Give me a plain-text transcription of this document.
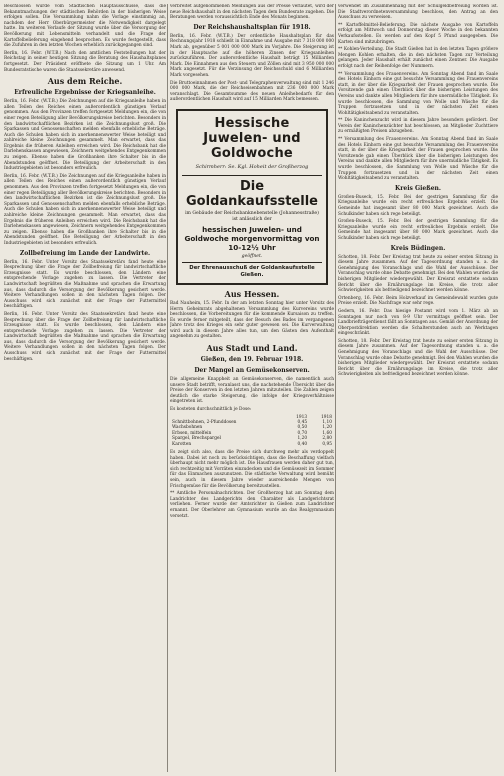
Beschlossen wurde vom Städtischen Hauptausschusse, dass die Bekanntmachungen der städtischen Behörden in der bisherigen Weise erfolgen sollen. Die Versammlung nahm die Vorlage einstimmig an, nachdem der Herr Oberbürgermeister die Notwendigkeit dargelegt hatte. Im weiteren Verlaufe der Sitzung wurde über die Versorgung der Bevölkerung mit Lebensmitteln verhandelt und die Frage der Kartoffelbelieferung eingehend besprochen. Es wurde festgestellt, dass die Zufuhren in den letzten Wochen erheblich zurückgegangen sind.

Berlin, 16. Febr. (W.T.B.) Nach den amtlichen Feststellungen hat der Reichstag in seiner heutigen Sitzung die Beratung des Haushaltsplanes fortgesetzt. Der Präsident eröffnete die Sitzung um 1 Uhr. Am Bundesratstische waren die Staatssekretäre anwesend.

Aus dem Reiche.
Erfreuliche Ergebnisse der Kriegsanleihe.

Berlin, 16. Febr. (W.T.B.) Die Zeichnungen auf die Kriegsanleihe haben in allen Teilen des Reiches einen außerordentlich günstigen Verlauf genommen. Aus den Provinzen treffen fortgesetzt Meldungen ein, die von einer regen Beteiligung aller Bevölkerungskreise berichten. Besonders in den landwirtschaftlichen Bezirken ist die Zeichnungslust groß. Die Sparkassen und Genossenschaften melden ebenfalls erhebliche Beträge. Auch die Schulen haben sich in anerkennenswerter Weise beteiligt und zahlreiche kleine Zeichnungen gesammelt. Man erwartet, dass das Ergebnis die früheren Anleihen erreichen wird. Die Reichsbank hat die Darlehenskassen angewiesen, Zeichnern weitgehendes Entgegenkommen zu zeigen. Ebenso haben die Großbanken ihre Schalter bis in die Abendstunden geöffnet. Die Beteiligung der Arbeiterschaft in den Industriegebieten ist besonders erfreulich.

Berlin, 16. Febr. (W.T.B.) Die Zeichnungen auf die Kriegsanleihe haben in allen Teilen des Reiches einen außerordentlich günstigen Verlauf genommen. Aus den Provinzen treffen fortgesetzt Meldungen ein, die von einer regen Beteiligung aller Bevölkerungskreise berichten. Besonders in den landwirtschaftlichen Bezirken ist die Zeichnungslust groß. Die Sparkassen und Genossenschaften melden ebenfalls erhebliche Beträge. Auch die Schulen haben sich in anerkennenswerter Weise beteiligt und zahlreiche kleine Zeichnungen gesammelt. Man erwartet, dass das Ergebnis die früheren Anleihen erreichen wird. Die Reichsbank hat die Darlehenskassen angewiesen, Zeichnern weitgehendes Entgegenkommen zu zeigen. Ebenso haben die Großbanken ihre Schalter bis in die Abendstunden geöffnet. Die Beteiligung der Arbeiterschaft in den Industriegebieten ist besonders erfreulich.

Zollbefreiung im Lande der Landwirte.

Berlin, 16. Febr. Unter Vorsitz des Staatssekretärs fand heute eine Besprechung über die Frage der Zollbefreiung für landwirtschaftliche Erzeugnisse statt. Es wurde beschlossen, den Ländern eine entsprechende Vorlage zugehen zu lassen. Die Vertreter der Landwirtschaft begrüßten die Maßnahme und sprachen die Erwartung aus, dass dadurch die Versorgung der Bevölkerung gesichert werde. Weitere Verhandlungen sollen in den nächsten Tagen folgen. Der Ausschuss wird sich zunächst mit der Frage der Futtermittel beschäftigen.

Berlin, 16. Febr. Unter Vorsitz des Staatssekretärs fand heute eine Besprechung über die Frage der Zollbefreiung für landwirtschaftliche Erzeugnisse statt. Es wurde beschlossen, den Ländern eine entsprechende Vorlage zugehen zu lassen. Die Vertreter der Landwirtschaft begrüßten die Maßnahme und sprachen die Erwartung aus, dass dadurch die Versorgung der Bevölkerung gesichert werde. Weitere Verhandlungen sollen in den nächsten Tagen folgen. Der Ausschuss wird sich zunächst mit der Frage der Futtermittel beschäftigen.

verbreitet aufgenommenen Meldungen aus der Presse verlautet, wird der neue Reichshaushalt in den nächsten Tagen dem Bundesrate zugehen. Die Beratungen werden voraussichtlich Ende des Monats beginnen.

Der Reichshaushaltsplan für 1918.

Berlin, 16. Febr. (W.T.B.) Der ordentliche Haushaltsplan für das Rechnungsjahr 1918 schließt in Einnahme und Ausgabe mit 7 318 000 000 Mark ab, gegenüber 5 001 000 000 Mark im Vorjahre. Die Steigerung ist in der Hauptsache auf die höheren Zinsen der Kriegsanleihen zurückzuführen. Der außerordentliche Haushalt beträgt 15 Milliarden Mark. Die Einnahmen aus den Steuern und Zöllen sind mit 3 950 000 000 Mark angesetzt. Für die Verzinsung der Reichsschuld sind 6 Milliarden Mark vorgesehen.

Die Bruttoeinnahmen der Post- und Telegraphenverwaltung sind mit 1 246 000 000 Mark, die der Reichseisenbahnen mit 236 000 000 Mark veranschlagt. Die Gesamtsumme des neuen Anleihebedarfs für den außerordentlichen Haushalt wird auf 15 Milliarden Mark bemessen.

Hessische
Juwelen- und Goldwoche
Schirmherr: Se. Kgl. Hoheit der Großherzog
Die Goldankaufsstelle
im Gebäude der Reichsbanknebenstelle (Johannesstraße) ist anlässlich der
hessischen Juwelen- und Goldwoche morgenvormittag von 10-12½ Uhr
geöffnet.
Der Ehrenausschuß der Goldankaufsstelle Gießen.
Aus Hessen.

Bad Nauheim, 15. Febr. In der am letzten Sonntag hier unter Vorsitz des Herrn Geheimrats abgehaltenen Versammlung des Kurvereins wurde beschlossen, die Vorbereitungen für die kommende Kursaison zu treffen. Es wurde ferner mitgeteilt, dass der Besuch des Bades im vergangenen Jahre trotz des Krieges ein sehr guter gewesen sei. Die Kurverwaltung wird auch in diesem Jahre alles tun, um den Gästen den Aufenthalt angenehm zu gestalten.

Aus Stadt und Land.
Gießen, den 19. Februar 1918.
Der Mangel an Gemüsekonserven.

Die allgemeine Knappheit an Gemüsekonserven, die namentlich auch unsere Stadt betrifft, veranlasst uns, die nachstehende Übersicht über die Preise der Konserven in den letzten Jahren mitzuteilen. Die Zahlen zeigen deutlich die starke Steigerung, die infolge der Kriegsverhältnisse eingetreten ist.

Es kosteten durchschnittlich je Dose:

	1913	1918
Schnittbohnen, 2-Pfunddosen	0,45	1,10
Wachsbohnen	0,50	1,20
Erbsen, mittelfein	0,70	1,60
Spargel, Brechspargel	1,20	2,80
Karotten	0,40	0,95

Es zeigt sich also, dass die Preise sich durchweg mehr als verdoppelt haben. Dabei ist noch zu berücksichtigen, dass die Beschaffung vielfach überhaupt nicht mehr möglich ist. Die Hausfrauen werden daher gut tun, sich rechtzeitig mit Vorräten einzudecken und die Gemüsezeit im Sommer für das Einmachen auszunutzen. Die städtische Verwaltung wird bemüht sein, auch in diesem Jahre wieder ausreichende Mengen von Frischgemüse für die Bevölkerung bereitzustellen.

** Amtliche Personalnachrichten. Der Großherzog hat am Sonntag dem Landrichter des Landgerichts den Charakter als Landgerichtsrat verliehen. Ferner wurde der Amtsrichter in Gießen zum Landrichter ernannt. Der Oberlehrer am Gymnasium wurde an das Realgymnasium versetzt.

verwendet im Zusammenhang mit der Schulgeldbefreiung worden ist. Die Stadtverordnetenversammlung beschloss, den Antrag an den Ausschuss zu verweisen.

** Kartoffelmittel-Belieferung. Die nächste Ausgabe von Kartoffeln erfolgt am Mittwoch und Donnerstag dieser Woche in den bekannten Verkaufsstellen. Es werden auf den Kopf 5 Pfund ausgegeben. Die Karten sind mitzubringen.

** Kohlen-Verteilung. Die Stadt Gießen hat in den letzten Tagen größere Mengen Kohlen erhalten, die in den nächsten Tagen zur Verteilung gelangen. Jeder Haushalt erhält zunächst einen Zentner. Die Ausgabe erfolgt nach der Reihenfolge der Nummern.

** Versammlung des Frauenvereins. Am Sonntag Abend fand im Saale des Hotels Einhorn eine gut besuchte Versammlung des Frauenvereins statt, in der über die Kriegsarbeit der Frauen gesprochen wurde. Die Vorsitzende gab einen Überblick über die bisherigen Leistungen des Vereins und dankte allen Mitgliedern für ihre unermüdliche Tätigkeit. Es wurde beschlossen, die Sammlung von Wolle und Wäsche für die Truppen fortzusetzen und in der nächsten Zeit einen Wohltätigkeitsabend zu veranstalten.

** Die Kaninchenzucht wird in diesem Jahre besonders gefördert. Der Verein der Kaninchenzüchter hat beschlossen, an Mitglieder Zuchttiere zu ermäßigten Preisen abzugeben.

** Versammlung des Frauenvereins. Am Sonntag Abend fand im Saale des Hotels Einhorn eine gut besuchte Versammlung des Frauenvereins statt, in der über die Kriegsarbeit der Frauen gesprochen wurde. Die Vorsitzende gab einen Überblick über die bisherigen Leistungen des Vereins und dankte allen Mitgliedern für ihre unermüdliche Tätigkeit. Es wurde beschlossen, die Sammlung von Wolle und Wäsche für die Truppen fortzusetzen und in der nächsten Zeit einen Wohltätigkeitsabend zu veranstalten.

Kreis Gießen.

Großen-Buseck, 15. Febr. Bei der gestrigen Sammlung für die Kriegsanleihe wurde ein recht erfreuliches Ergebnis erzielt. Die Gemeinde hat insgesamt über 80 000 Mark gezeichnet. Auch die Schulkinder haben sich rege beteiligt.

Großen-Buseck, 15. Febr. Bei der gestrigen Sammlung für die Kriegsanleihe wurde ein recht erfreuliches Ergebnis erzielt. Die Gemeinde hat insgesamt über 80 000 Mark gezeichnet. Auch die Schulkinder haben sich rege beteiligt.

Kreis Büdingen.

Schotten, 18. Febr. Der Kreistag trat heute zu seiner ersten Sitzung in diesem Jahre zusammen. Auf der Tagesordnung standen u. a. die Genehmigung des Voranschlags und die Wahl der Ausschüsse. Der Voranschlag wurde ohne Debatte genehmigt. Bei den Wahlen wurden die bisherigen Mitglieder wiedergewählt. Der Kreisrat erstattete sodann Bericht über die Ernährungslage im Kreise, die trotz aller Schwierigkeiten als befriedigend bezeichnet werden könne.

Ortenberg, 16. Febr. Beim Holzverkauf im Gemeindewald wurden gute Preise erzielt. Die Nachfrage war sehr rege.

Gedern, 16. Febr. Das hiesige Postamt wird vom 1. März ab an Sonntagen nur noch von 8-9 Uhr vormittags geöffnet sein. Der Landbriefträgerdienst fällt an Sonntagen aus. Gemäß der Anordnung der Oberpostdirektion werden die Schalterstunden auch an Werktagen eingeschränkt.

Schotten, 18. Febr. Der Kreistag trat heute zu seiner ersten Sitzung in diesem Jahre zusammen. Auf der Tagesordnung standen u. a. die Genehmigung des Voranschlags und die Wahl der Ausschüsse. Der Voranschlag wurde ohne Debatte genehmigt. Bei den Wahlen wurden die bisherigen Mitglieder wiedergewählt. Der Kreisrat erstattete sodann Bericht über die Ernährungslage im Kreise, die trotz aller Schwierigkeiten als befriedigend bezeichnet werden könne.
